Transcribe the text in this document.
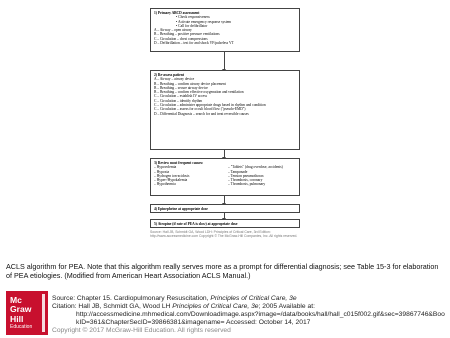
1) Primary ABCD assessment
• Check responsiveness
• Activate emergency response system
• Call for defibrillator
A – Airway – open airway
B – Breathing – positive pressure ventilations
C – Circulation – chest compressions
D – Defibrillation – test for and shock VF/pulseless VT
2) Re-assess patient
A – Airway – airway device
B – Breathing – confirm airway device placement
B – Breathing – secure airway device
B – Breathing – confirm effective oxygenation and ventilation
C – Circulation – establish IV access
C – Circulation – identify rhythm
C – Circulation – administer appropriate drugs based in rhythm and condition
C – Circulation – assess for occult blood flow ("pseudo-EMD")
D – Differential Diagnosis – search for and treat reversible causes
3) Review most frequent causes:
– Hypovolemia
– Hypoxia
– Hydrogen ion-acidosis
– Hyper-/Hypokalemia
– Hypothermia
– "Tablets" (drug overdose, accidents)
– Tamponade
– Tension pneumothorax
– Thrombosis, coronary
– Thrombosis, pulmonary
4) Epinephrine at appropriate dose
5) Atropine (if rate of PEA is slow) at appropriate dose
Source: Hall JB, Schmidt GA, Wood LDH: Principles of Critical Care, 3rd Edition: http://www.accessmedicine.com Copyright © The McGraw-Hill Companies, Inc. All rights reserved.
ACLS algorithm for PEA. Note that this algorithm really serves more as a prompt for differential diagnosis; see Table 15-3 for elaboration of PEA etiologies. (Modified from American Heart Association ACLS Manual.)
Mc
Graw
Hill
Education
Source: Chapter 15. Cardiopulmonary Resuscitation, Principles of Critical Care, 3e
Citation: Hall JB, Schmidt GA, Wood LH Principles of Critical Care, 3e; 2005 Available at:
http://accessmedicine.mhmedical.com/Downloadimage.aspx?image=/data/books/hall/hall_c015f002.gif&sec=39867746&BookID=361&ChapterSecID=39866381&imagename= Accessed: October 14, 2017
Copyright © 2017 McGraw-Hill Education. All rights reserved
